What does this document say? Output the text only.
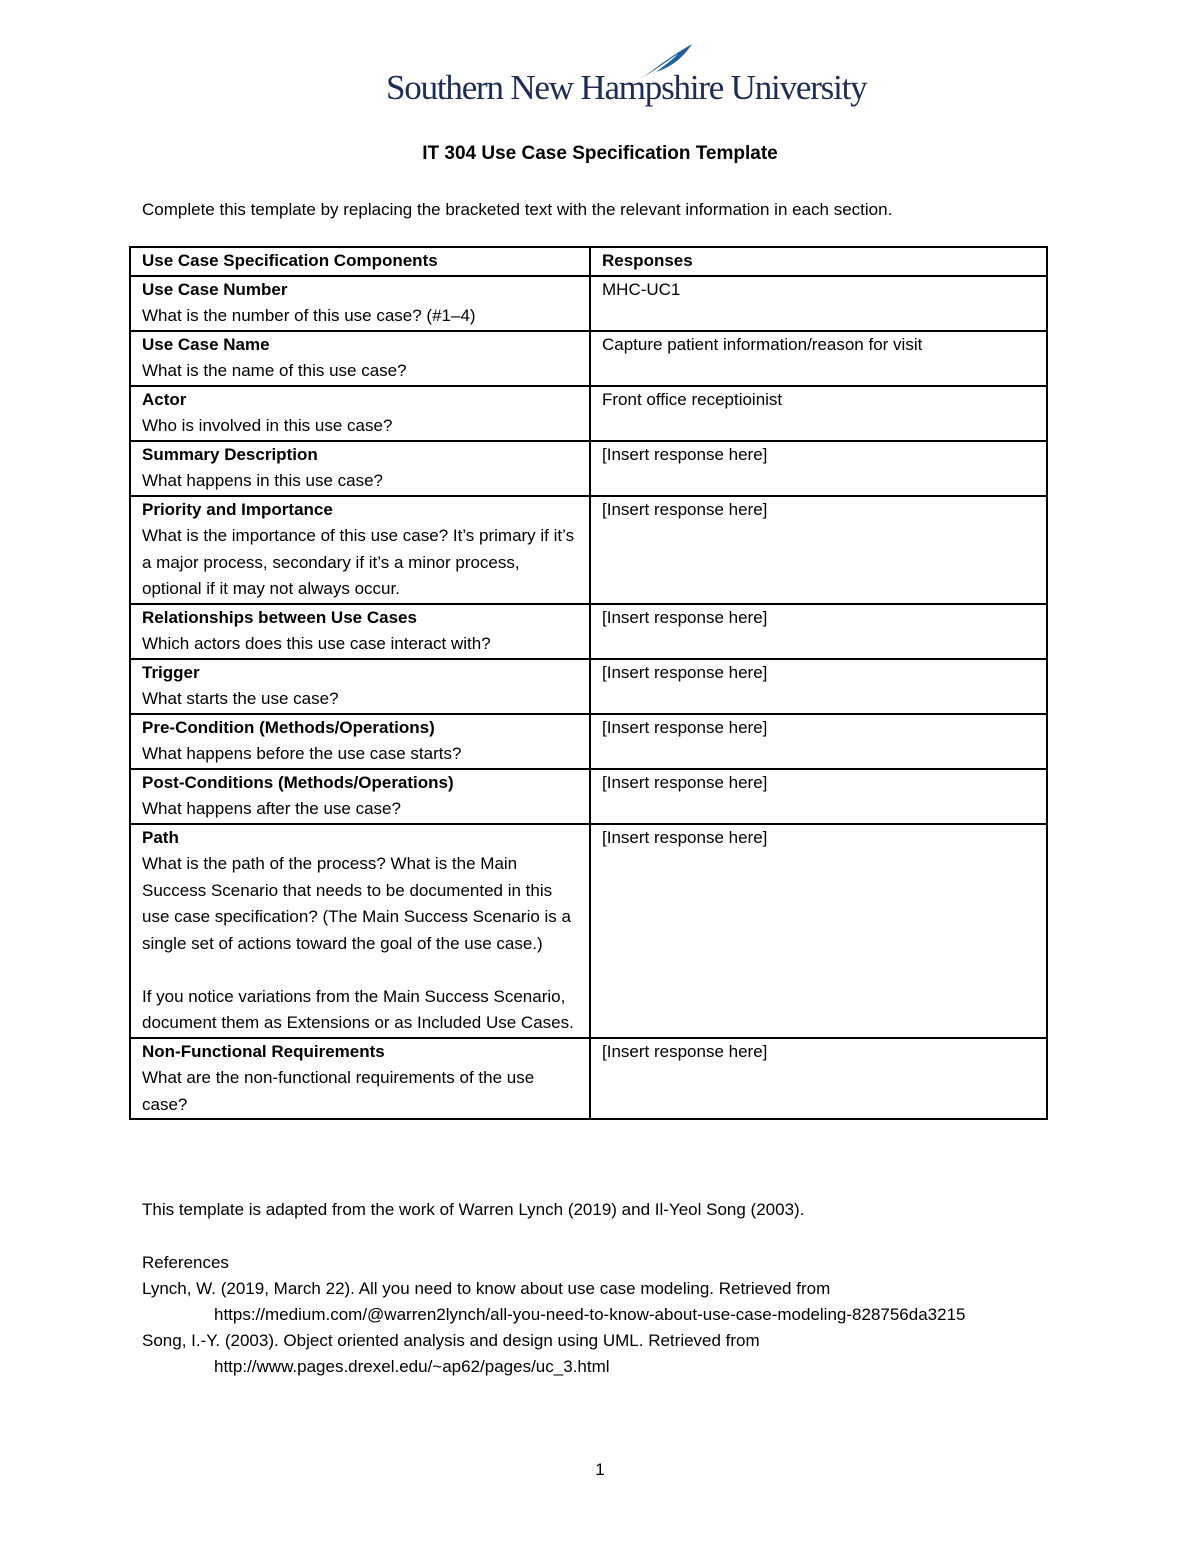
Southern New Hampshire University
IT 304 Use Case Specification Template
Complete this template by replacing the bracketed text with the relevant information in each section.
Use Case Specification Components	Responses

Use Case Number
What is the number of this use case? (#1–4)	MHC-UC1

Use Case Name
What is the name of this use case?	Capture patient information/reason for visit

Actor
Who is involved in this use case?	Front office receptioinist

Summary Description
What happens in this use case?	[Insert response here]

Priority and Importance
What is the importance of this use case? It’s primary if it’s a major process, secondary if it’s a minor process, optional if it may not always occur.	[Insert response here]

Relationships between Use Cases
Which actors does this use case interact with?	[Insert response here]

Trigger
What starts the use case?	[Insert response here]

Pre-Condition (Methods/Operations)
What happens before the use case starts?	[Insert response here]

Post-Conditions (Methods/Operations)
What happens after the use case?	[Insert response here]

Path
What is the path of the process? What is the Main Success Scenario that needs to be documented in this use case specification? (The Main Success Scenario is a single set of actions toward the goal of the use case.)

If you notice variations from the Main Success Scenario, document them as Extensions or as Included Use Cases.	[Insert response here]

Non-Functional Requirements
What are the non-functional requirements of the use case?	[Insert response here]
This template is adapted from the work of Warren Lynch (2019) and Il-Yeol Song (2003).
References
Lynch, W. (2019, March 22). All you need to know about use case modeling. Retrieved from
https://medium.com/@warren2lynch/all-you-need-to-know-about-use-case-modeling-828756da3215
Song, I.-Y. (2003). Object oriented analysis and design using UML. Retrieved from
http://www.pages.drexel.edu/~ap62/pages/uc_3.html
1
